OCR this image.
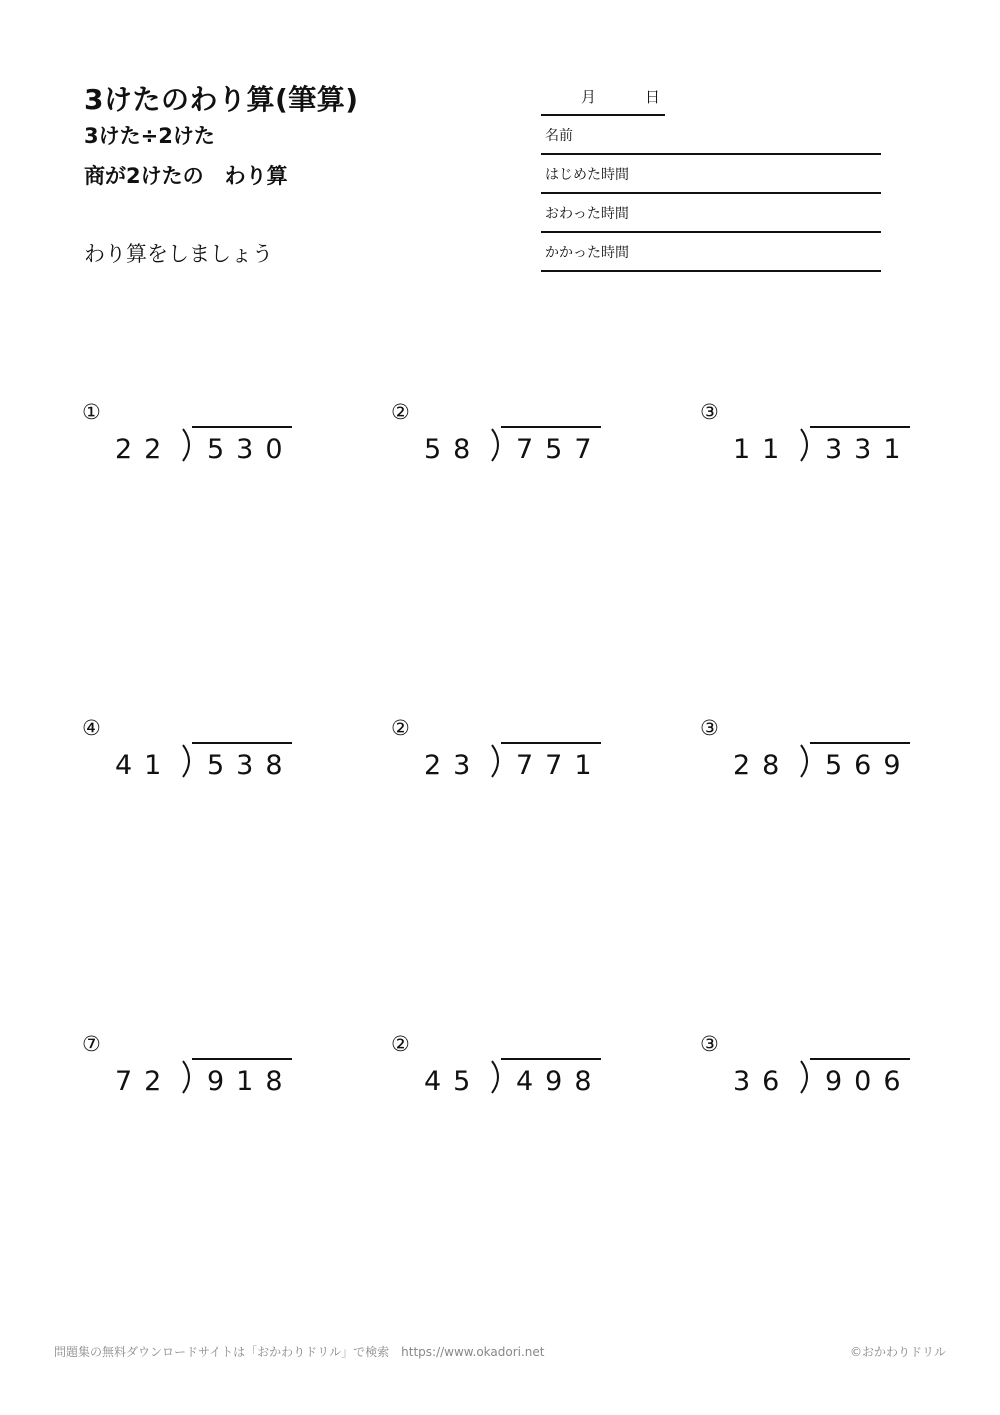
3けたのわり算(筆算)
3けた÷2けた
商が2けたの　わり算
わり算をしましょう
月	日
名前
はじめた時間
おわった時間
かかった時間
①
22 530
②
58 757
③
11 331
④
41 538
②
23 771
③
28 569
⑦
72 918
②
45 498
③
36 906
問題集の無料ダウンロードサイトは「おかわりドリル」で検索　https://www.okadori.net	©おかわりドリル
